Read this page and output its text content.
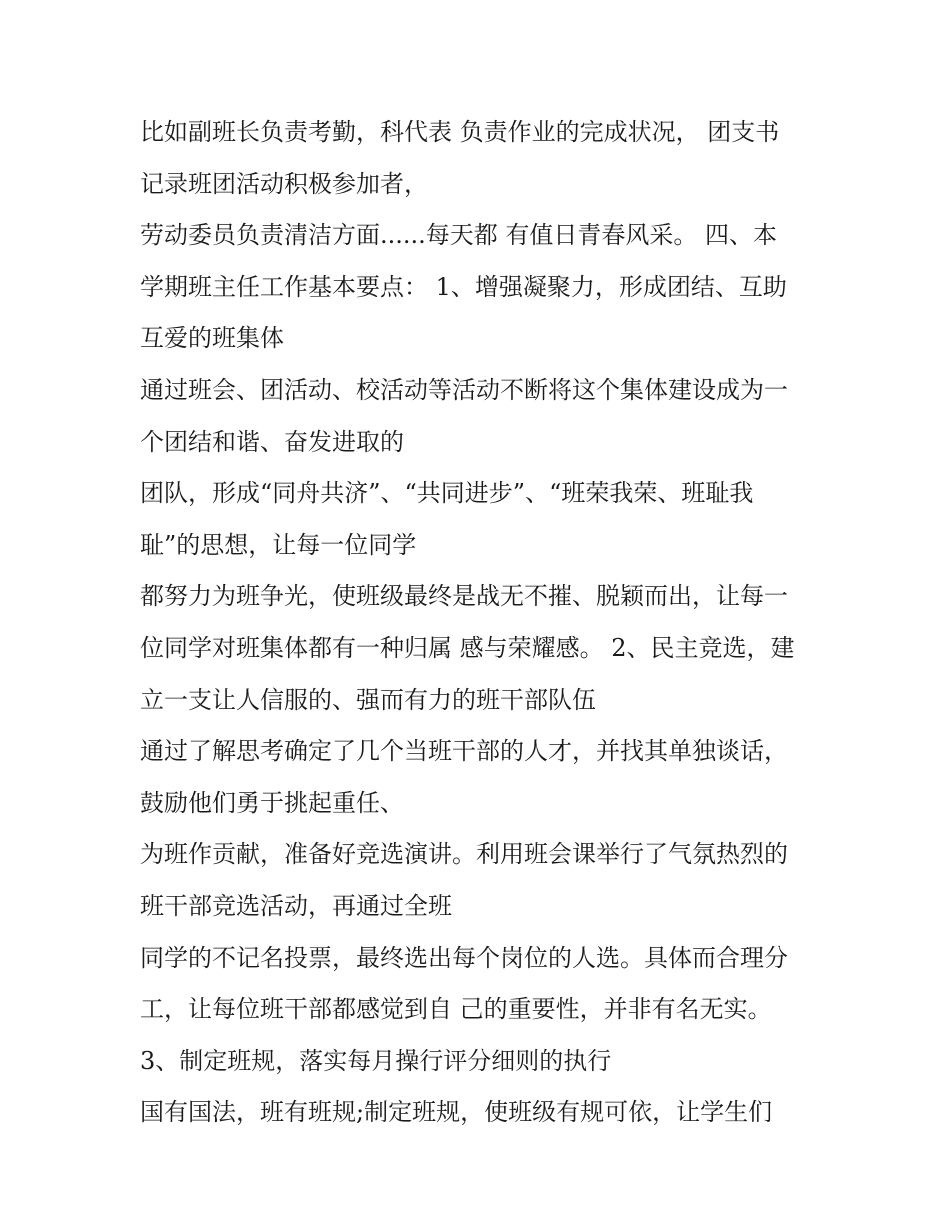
比如副班长负责考勤，科代表 负责作业的完成状况， 团支书
记录班团活动积极参加者，
劳动委员负责清洁方面......每天都 有值日青春风采。 四、本
学期班主任工作基本要点： 1、增强凝聚力，形成团结、互助
互爱的班集体
通过班会、团活动、校活动等活动不断将这个集体建设成为一
个团结和谐、奋发进取的
团队，形成“同舟共济”、“共同进步”、“班荣我荣、班耻我
耻”的思想，让每一位同学
都努力为班争光，使班级最终是战无不摧、脱颖而出，让每一
位同学对班集体都有一种归属 感与荣耀感。 2、民主竞选，建
立一支让人信服的、强而有力的班干部队伍
通过了解思考确定了几个当班干部的人才，并找其单独谈话，
鼓励他们勇于挑起重任、
为班作贡献，准备好竞选演讲。利用班会课举行了气氛热烈的
班干部竞选活动，再通过全班
同学的不记名投票，最终选出每个岗位的人选。具体而合理分
工，让每位班干部都感觉到自 己的重要性，并非有名无实。
3、制定班规，落实每月操行评分细则的执行
国有国法，班有班规;制定班规，使班级有规可依，让学生们
